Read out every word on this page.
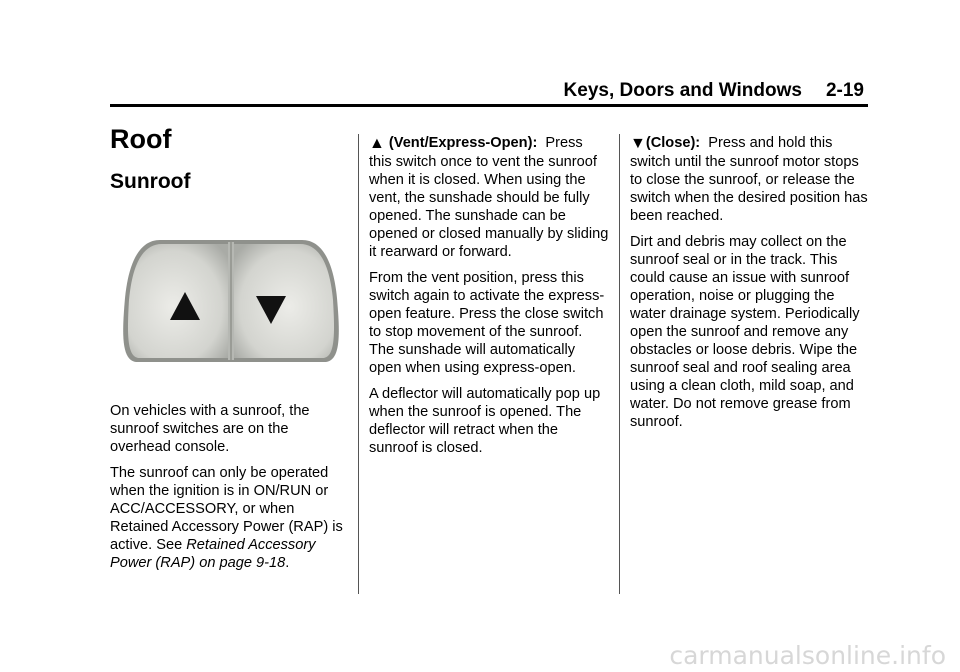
Keys, Doors and Windows 2-19
Roof
Sunroof

On vehicles with a sunroof, the sunroof switches are on the overhead console.

The sunroof can only be operated when the ignition is in ON/RUN or ACC/ACCESSORY, or when Retained Accessory Power (RAP) is active. See Retained Accessory Power (RAP) on page 9-18.

▲ (Vent/Express-Open): Press this switch once to vent the sunroof when it is closed. When using the vent, the sunshade should be fully opened. The sunshade can be opened or closed manually by sliding it rearward or forward.

From the vent position, press this switch again to activate the express-open feature. Press the close switch to stop movement of the sunroof. The sunshade will automatically open when using express-open.

A deflector will automatically pop up when the sunroof is opened. The deflector will retract when the sunroof is closed.

▼(Close): Press and hold this switch until the sunroof motor stops to close the sunroof, or release the switch when the desired position has been reached.

Dirt and debris may collect on the sunroof seal or in the track. This could cause an issue with sunroof operation, noise or plugging the water drainage system. Periodically open the sunroof and remove any obstacles or loose debris. Wipe the sunroof seal and roof sealing area using a clean cloth, mild soap, and water. Do not remove grease from sunroof.

carmanualsonline.info
